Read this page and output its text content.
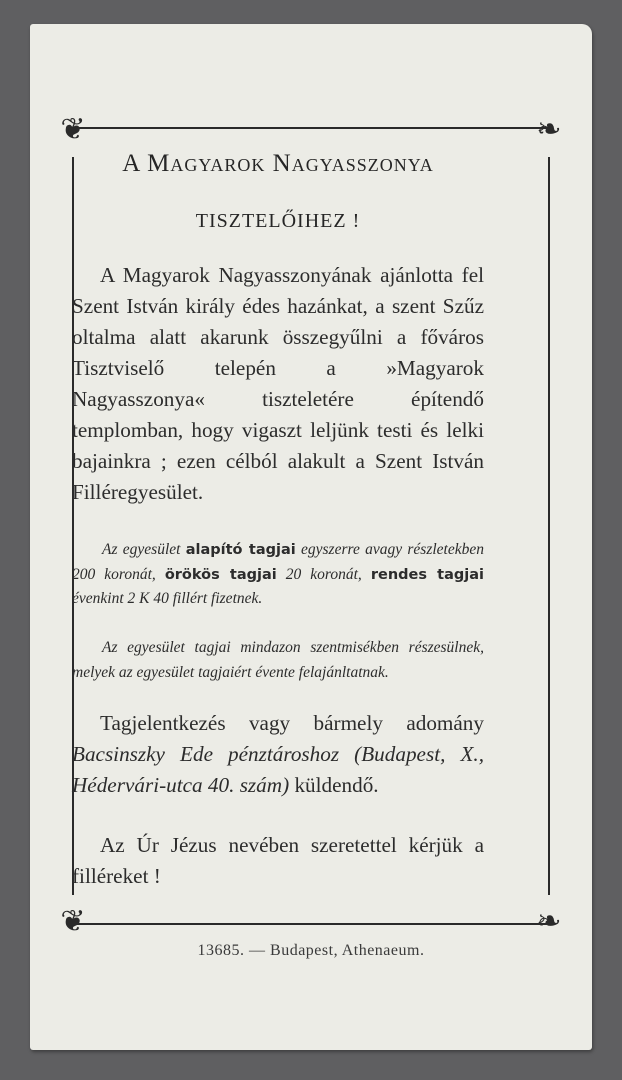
❦	❧
❦	❧

A Magyarok Nagyasszonya

TISZTELŐIHEZ !

A Magyarok Nagyasszonyának ajánlotta fel Szent István király édes hazánkat, a szent Szűz oltalma alatt akarunk összegyűlni a főváros Tisztviselő telepén a »Magyarok Nagyasszonya« tiszteletére építendő templomban, hogy vigaszt leljünk testi és lelki bajainkra ; ezen célból alakult a Szent István Filléregyesület.

Az egyesület alapító tagjai egyszerre avagy részletekben 200 koronát, örökös tagjai 20 koronát, rendes tagjai évenkint 2 K 40 fillért fizetnek.

Az egyesület tagjai mindazon szentmisékben részesülnek, melyek az egyesület tagjaiért évente felajánltatnak.

Tagjelentkezés vagy bármely adomány Bacsinszky Ede pénztároshoz (Budapest, X., Hédervári-utca 40. szám) küldendő.

Az Úr Jézus nevében szeretettel kérjük a filléreket !

13685. — Budapest, Athenaeum.
